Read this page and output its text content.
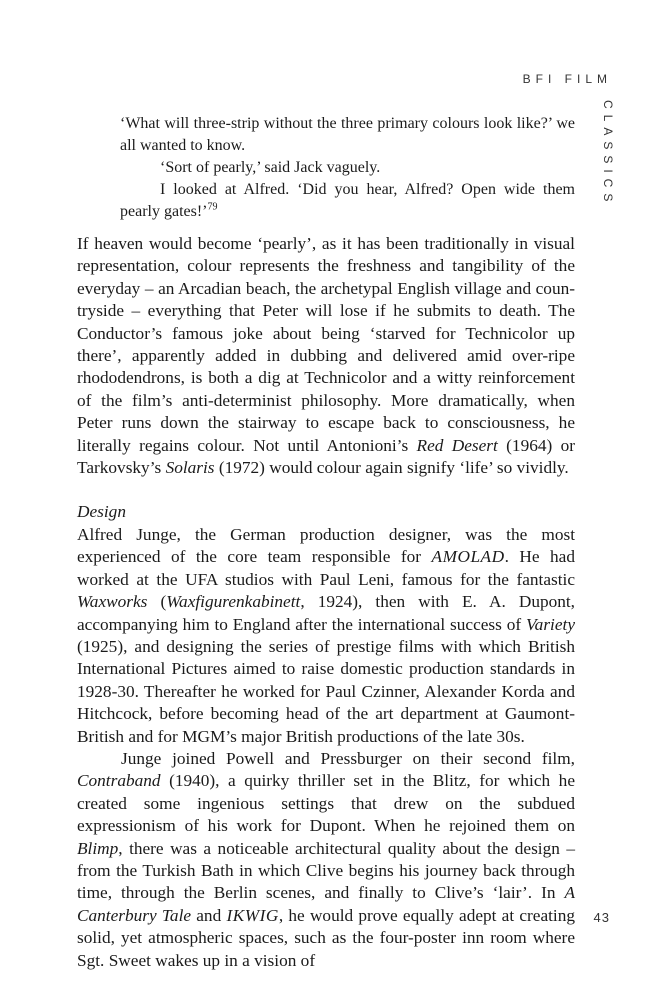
BFI FILM
CLASSICS

‘What will three-strip without the three primary colours look like?’ we all wanted to know.

‘Sort of pearly,’ said Jack vaguely.

I looked at Alfred. ‘Did you hear, Alfred? Open wide them pearly gates!’$^{79}$

If heaven would become ‘pearly’, as it has been traditionally in visual representation, colour represents the freshness and tangibility of the everyday – an Arcadian beach, the archetypal English village and countryside – everything that Peter will lose if he submits to death. The Conductor’s famous joke about being ‘starved for Technicolor up there’, apparently added in dubbing and delivered amid over-ripe rhododendrons, is both a dig at Technicolor and a witty reinforcement of the film’s anti-determinist philosophy. More dramatically, when Peter runs down the stairway to escape back to consciousness, he literally regains colour. Not until Antonioni’s Red Desert (1964) or Tarkovsky’s Solaris (1972) would colour again signify ‘life’ so vividly.

Design

Alfred Junge, the German production designer, was the most experienced of the core team responsible for AMOLAD. He had worked at the UFA studios with Paul Leni, famous for the fantastic Waxworks (Waxfigurenkabinett, 1924), then with E. A. Dupont, accompanying him to England after the international success of Variety (1925), and designing the series of prestige films with which British International Pictures aimed to raise domestic production standards in 1928-30. Thereafter he worked for Paul Czinner, Alexander Korda and Hitchcock, before becoming head of the art department at Gaumont-British and for MGM’s major British productions of the late 30s.

Junge joined Powell and Pressburger on their second film, Contraband (1940), a quirky thriller set in the Blitz, for which he created some ingenious settings that drew on the subdued expressionism of his work for Dupont. When he rejoined them on Blimp, there was a noticeable architectural quality about the design – from the Turkish Bath in which Clive begins his journey back through time, through the Berlin scenes, and finally to Clive’s ‘lair’. In A Canterbury Tale and IKWIG, he would prove equally adept at creating solid, yet atmospheric spaces, such as the four-poster inn room where Sgt. Sweet wakes up in a vision of

43
